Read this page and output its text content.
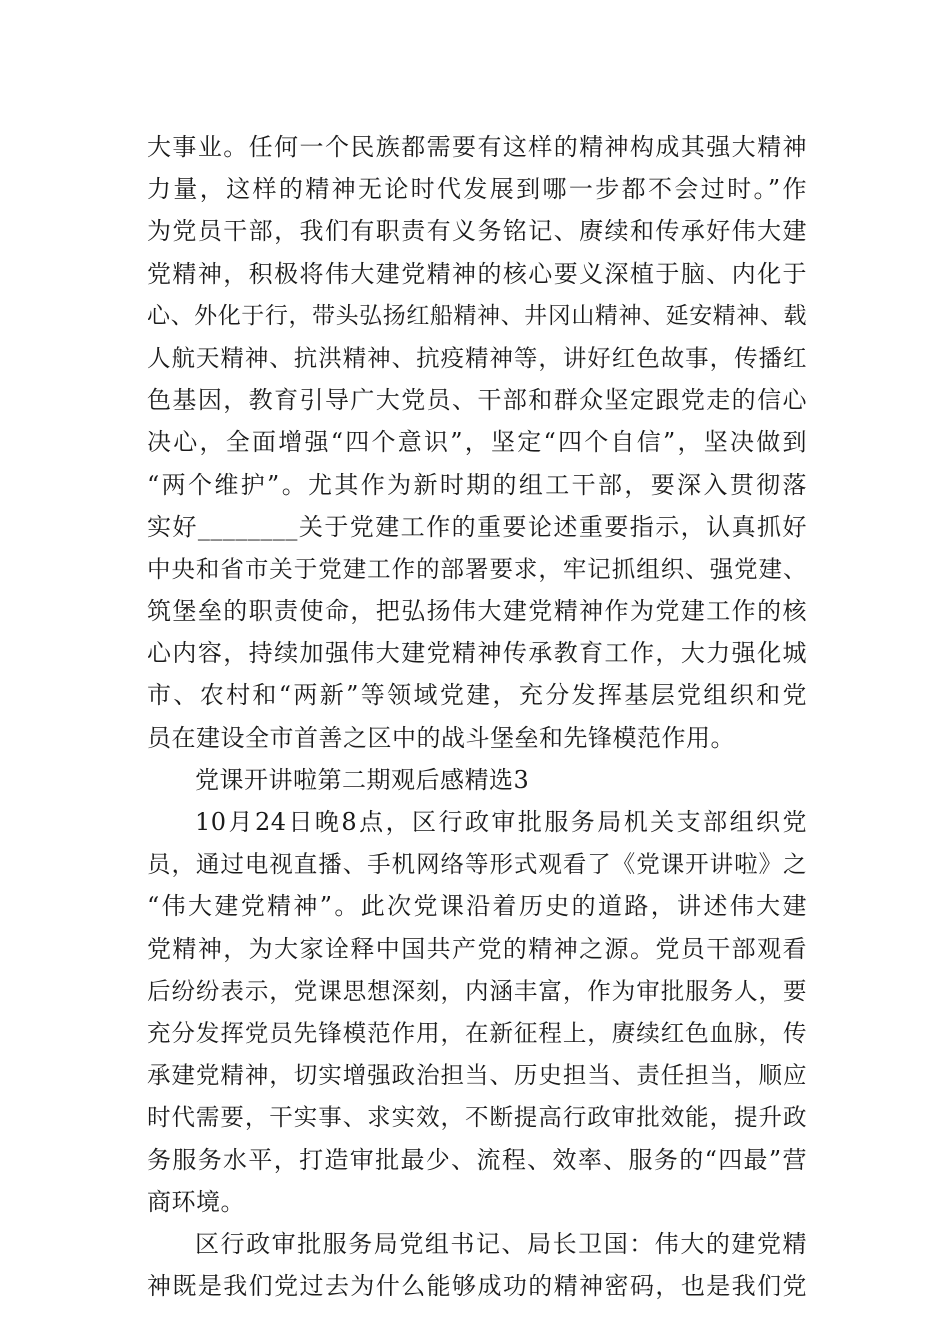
大事业。任何一个民族都需要有这样的精神构成其强大精神
力量，这样的精神无论时代发展到哪一步都不会过时。”作
为党员干部，我们有职责有义务铭记、赓续和传承好伟大建
党精神，积极将伟大建党精神的核心要义深植于脑、内化于
心、外化于行，带头弘扬红船精神、井冈山精神、延安精神、载
人航天精神、抗洪精神、抗疫精神等，讲好红色故事，传播红
色基因，教育引导广大党员、干部和群众坚定跟党走的信心
决心，全面增强“四个意识”，坚定“四个自信”，坚决做到
“两个维护”。尤其作为新时期的组工干部，要深入贯彻落
实好________关于党建工作的重要论述重要指示，认真抓好
中央和省市关于党建工作的部署要求，牢记抓组织、强党建、
筑堡垒的职责使命，把弘扬伟大建党精神作为党建工作的核
心内容，持续加强伟大建党精神传承教育工作，大力强化城
市、农村和“两新”等领域党建，充分发挥基层党组织和党
员在建设全市首善之区中的战斗堡垒和先锋模范作用。
党课开讲啦第二期观后感精选3
10月24日晚8点，区行政审批服务局机关支部组织党
员，通过电视直播、手机网络等形式观看了《党课开讲啦》之
“伟大建党精神”。此次党课沿着历史的道路，讲述伟大建
党精神，为大家诠释中国共产党的精神之源。党员干部观看
后纷纷表示，党课思想深刻，内涵丰富，作为审批服务人，要
充分发挥党员先锋模范作用，在新征程上，赓续红色血脉，传
承建党精神，切实增强政治担当、历史担当、责任担当，顺应
时代需要，干实事、求实效，不断提高行政审批效能，提升政
务服务水平，打造审批最少、流程、效率、服务的“四最”营
商环境。
区行政审批服务局党组书记、局长卫国：伟大的建党精
神既是我们党过去为什么能够成功的精神密码，也是我们党
